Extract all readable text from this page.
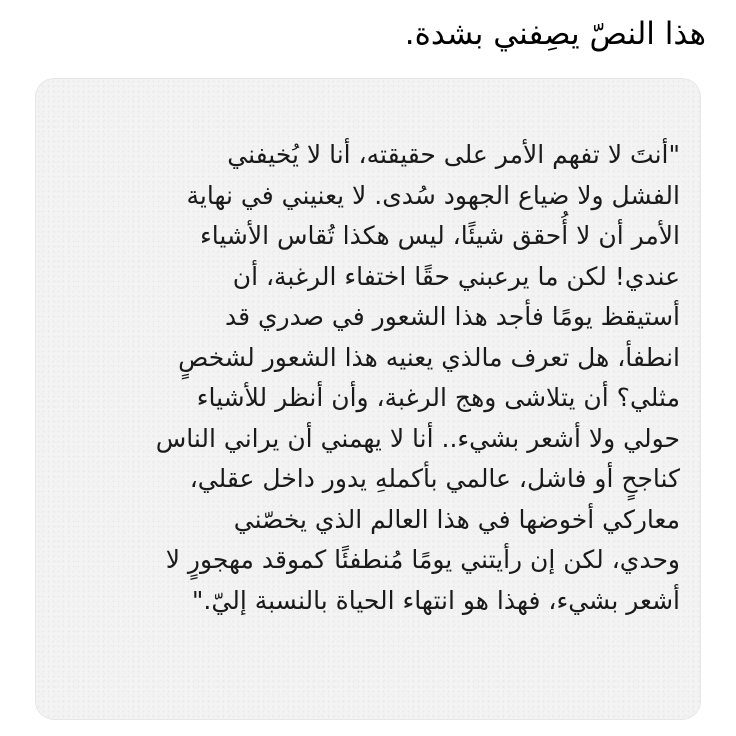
هذا النصّ يصِفني بشدة.
"أنتَ لا تفهم الأمر على حقيقته، أنا لا يُخيفني
الفشل ولا ضياع الجهود سُدى. لا يعنيني في نهاية
الأمر أن لا أُحقق شيئًا، ليس هكذا تُقاس الأشياء
عندي! لكن ما يرعبني حقًا اختفاء الرغبة، أن
أستيقظ يومًا فأجد هذا الشعور في صدري قد
انطفأ، هل تعرف مالذي يعنيه هذا الشعور لشخصٍ
مثلي؟ أن يتلاشى وهج الرغبة، وأن أنظر للأشياء
حولي ولا أشعر بشيء.. أنا لا يهمني أن يراني الناس
كناجحٍ أو فاشل، عالمي بأكملهِ يدور داخل عقلي،
معاركي أخوضها في هذا العالم الذي يخصّني
وحدي، لكن إن رأيتني يومًا مُنطفئًا كموقد مهجورٍ لا
أشعر بشيء، فهذا هو انتهاء الحياة بالنسبة إليّ."
